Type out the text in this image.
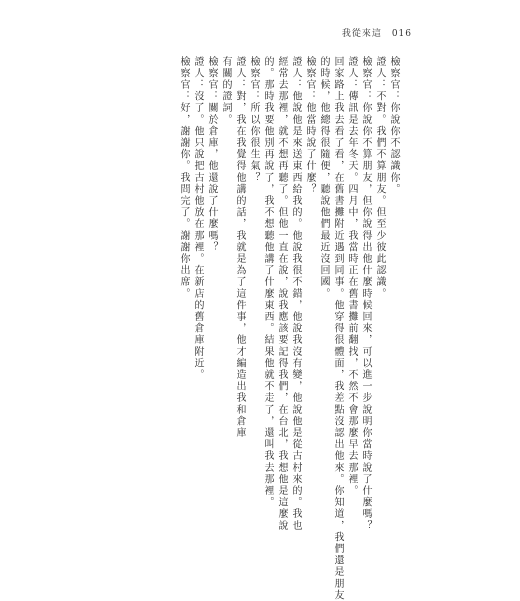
我從來這 016
檢察官：你說你不認識你。
證人：不對。我們不算朋友。但至少彼此認識。
檢察官：你說你不算朋友，但你說得出他什麼時候回來，可以進一步說明你當時說了什麼嗎？
證人：傳訊是去年冬天。四月中，我當時正在舊書攤前翻找，不然不會那麼早去那裡。
回家路上我去看了看，在舊書攤附近遇到同事。他穿得很體面，我差點沒認出他來。你知道，我們還是朋友
的時候，他總得很隨便，聽說他們最近沒回國。
檢察官：他當時說了什麼？
證人：他說他是來送東西給我的。他說我很不錯，他說我沒有變，他說他是從古村來的。我也
經常去那裡，就不想再聽了。但他一直在說，說我應該要記得我們，在台北，我想他是這麼說
的。那時我要他別再說了，我不想聽他講了什麼東西。結果他就不走了，還叫我去那裡。
檢察官：所以你很生氣？
證人：對，我在我覺得他講的話，我就是為了這件事，他才編造出我和倉庫
有關的證詞。
檢察官：關於倉庫，他還說了什麼嗎？
證人：沒了。他只說把古村他放在那裡。在新店的舊倉庫附近。
檢察官：好，謝謝你。我問完了。謝謝你出席。
